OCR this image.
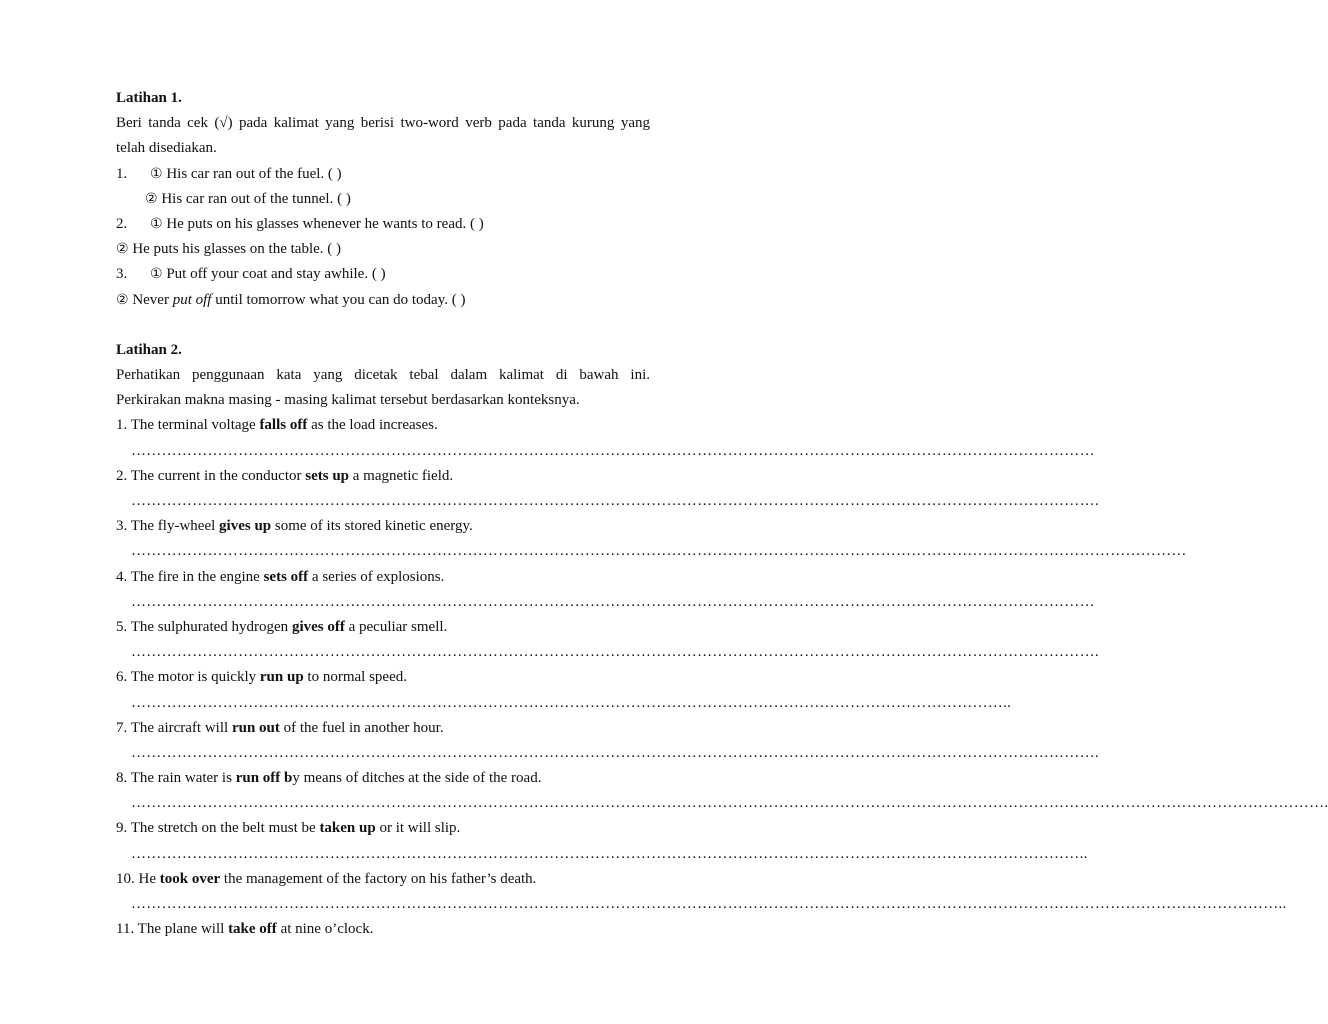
Latihan 1.
Beri tanda cek (√) pada kalimat yang berisi two-word verb pada tanda kurung yang
telah disediakan.
1. ① His car ran out of the fuel. ( )
② His car ran out of the tunnel. ( )
2. ① He puts on his glasses whenever he wants to read. ( )
② He puts his glasses on the table. ( )
3. ① Put off your coat and stay awhile. ( )
② Never put off until tomorrow what you can do today. ( )
Latihan 2.
Perhatikan penggunaan kata yang dicetak tebal dalam kalimat di bawah ini.
Perkirakan makna masing - masing kalimat tersebut berdasarkan konteksnya.
1. The terminal voltage falls off as the load increases.
………………………………………………………………………………………………………………………………………………………………………
2. The current in the conductor sets up a magnetic field.
……………………………………………………………………………………………………………………………………………………………………….
3. The fly-wheel gives up some of its stored kinetic energy.
………………………………………………………………………………………………………………………………………………………………………………………
4. The fire in the engine sets off a series of explosions.
………………………………………………………………………………………………………………………………………………………………………
5. The sulphurated hydrogen gives off a peculiar smell.
……………………………………………………………………………………………………………………………………………………………………….
6. The motor is quickly run up to normal speed.
………………………………………………………………………………………………………………………………………………………..
7. The aircraft will run out of the fuel in another hour.
……………………………………………………………………………………………………………………………………………………………………….
8. The rain water is run off by means of ditches at the side of the road.
……………………………………………………………………………………………………………………………………………………………………………………………………………….
9. The stretch on the belt must be taken up or it will slip.
……………………………………………………………………………………………………………………………………………………………………..
10. He took over the management of the factory on his father’s death.
………………………………………………………………………………………………………………………………………………………………………………………………………..
11. The plane will take off at nine o’clock.
